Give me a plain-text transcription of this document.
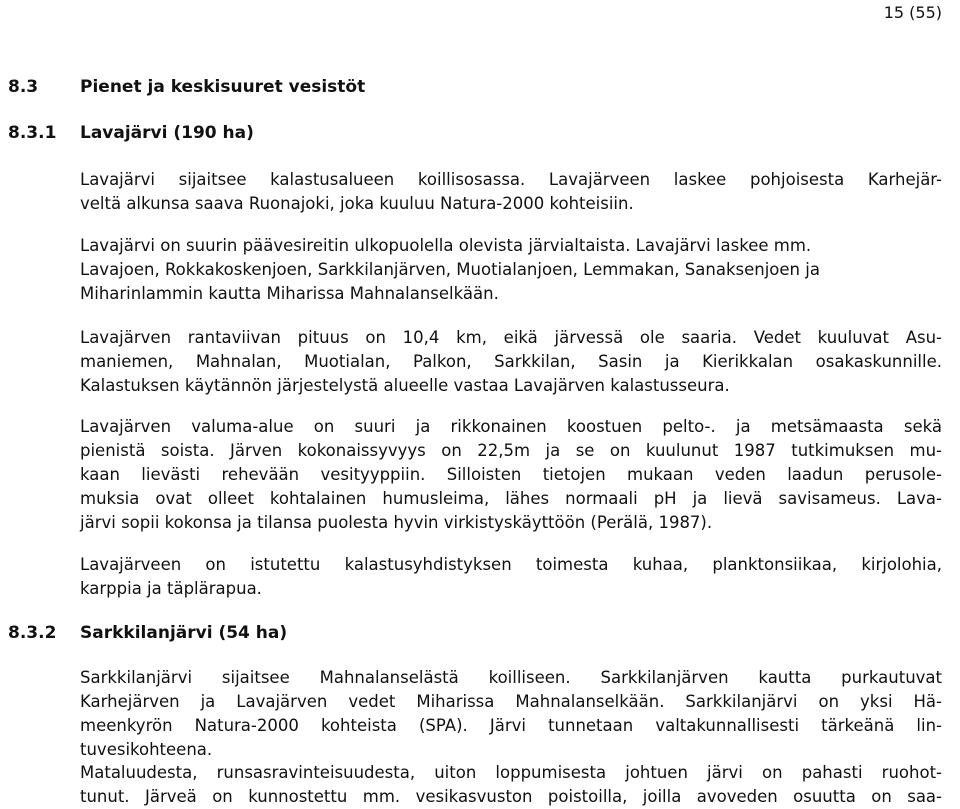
15 (55)
8.3 Pienet ja keskisuuret vesistöt
8.3.1 Lavajärvi (190 ha)

Lavajärvi sijaitsee kalastusalueen koillisosassa. Lavajärveen laskee pohjoisesta Karhejär-
veltä alkunsa saava Ruonajoki, joka kuuluu Natura-2000 kohteisiin.

Lavajärvi on suurin päävesireitin ulkopuolella olevista järvialtaista. Lavajärvi laskee mm.
Lavajoen, Rokkakoskenjoen, Sarkkilanjärven, Muotialanjoen, Lemmakan, Sanaksenjoen ja
Miharinlammin kautta Miharissa Mahnalanselkään.

Lavajärven rantaviivan pituus on 10,4 km, eikä järvessä ole saaria. Vedet kuuluvat Asu-
maniemen, Mahnalan, Muotialan, Palkon, Sarkkilan, Sasin ja Kierikkalan osakaskunnille.
Kalastuksen käytännön järjestelystä alueelle vastaa Lavajärven kalastusseura.

Lavajärven valuma-alue on suuri ja rikkonainen koostuen pelto-. ja metsämaasta sekä
pienistä soista. Järven kokonaissyvyys on 22,5m ja se on kuulunut 1987 tutkimuksen mu-
kaan lievästi rehevään vesityyppiin. Silloisten tietojen mukaan veden laadun perusole-
muksia ovat olleet kohtalainen humusleima, lähes normaali pH ja lievä savisameus. Lava-
järvi sopii kokonsa ja tilansa puolesta hyvin virkistyskäyttöön (Perälä, 1987).

Lavajärveen on istutettu kalastusyhdistyksen toimesta kuhaa, planktonsiikaa, kirjolohia,
karppia ja täplärapua.

8.3.2 Sarkkilanjärvi (54 ha)

Sarkkilanjärvi sijaitsee Mahnalanselästä koilliseen. Sarkkilanjärven kautta purkautuvat
Karhejärven ja Lavajärven vedet Miharissa Mahnalanselkään. Sarkkilanjärvi on yksi Hä-
meenkyrön Natura-2000 kohteista (SPA). Järvi tunnetaan valtakunnallisesti tärkeänä lin-
tuvesikohteena.

Mataluudesta, runsasravinteisuudesta, uiton loppumisesta johtuen järvi on pahasti ruohot-
tunut. Järveä on kunnostettu mm. vesikasvuston poistoilla, joilla avoveden osuutta on saa-
